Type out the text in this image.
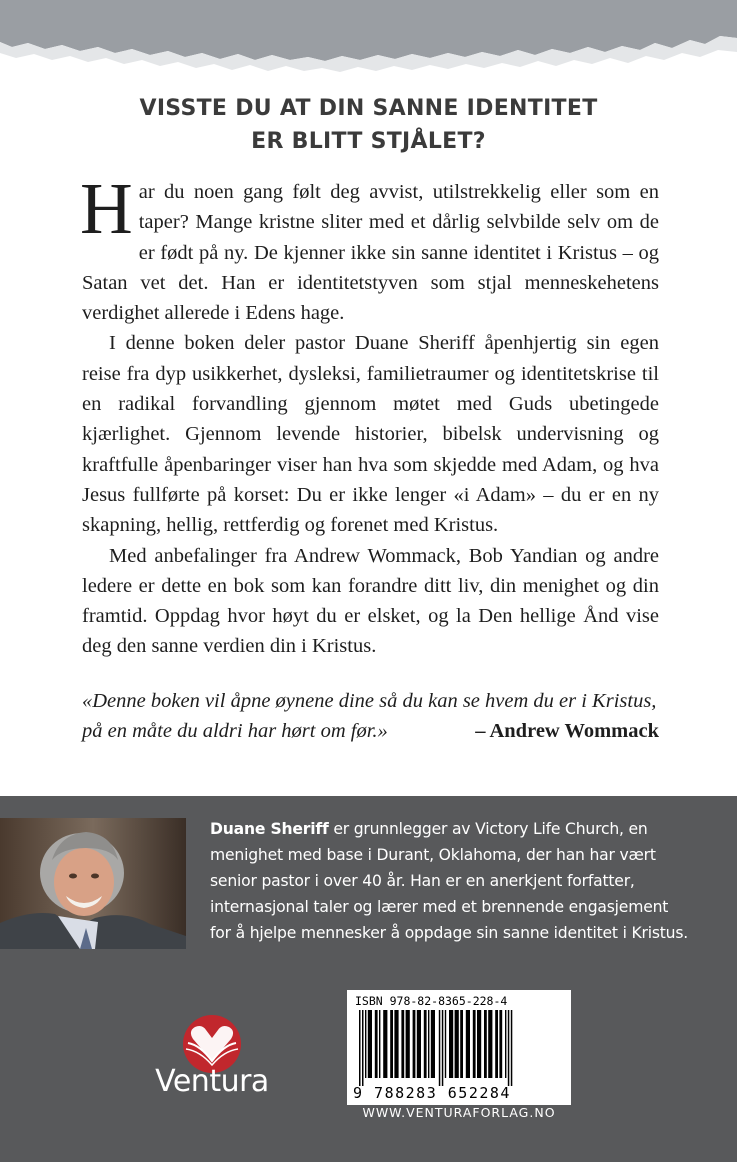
VISSTE DU AT DIN SANNE IDENTITET
ER BLITT STJÅLET?

Har du noen gang følt deg avvist, utilstrekkelig eller som en taper? Mange kristne sliter med et dårlig selvbilde selv om de er født på ny. De kjenner ikke sin sanne identitet i Kristus – og Satan vet det. Han er identitetstyven som stjal menneskehetens verdighet allerede i Edens hage.

I denne boken deler pastor Duane Sheriff åpenhjertig sin egen reise fra dyp usikkerhet, dysleksi, familietraumer og identitetskrise til en radikal forvandling gjennom møtet med Guds ubetingede kjærlighet. Gjennom levende historier, bibelsk undervisning og kraftfulle åpenbaringer viser han hva som skjedde med Adam, og hva Jesus fullførte på korset: Du er ikke lenger «i Adam» – du er en ny skapning, hellig, rettferdig og forenet med Kristus.

Med anbefalinger fra Andrew Wommack, Bob Yandian og andre ledere er dette en bok som kan forandre ditt liv, din menighet og din framtid. Oppdag hvor høyt du er elsket, og la Den hellige Ånd vise deg den sanne verdien din i Kristus.

«Denne boken vil åpne øynene dine så du kan se hvem du er i Kristus,
på en måte du aldri har hørt om før.»	– Andrew Wommack
Duane Sheriff er grunnlegger av Victory Life Church, en
menighet med base i Durant, Oklahoma, der han har vært
senior pastor i over 40 år. Han er en anerkjent forfatter,
internasjonal taler og lærer med et brennende engasjement
for å hjelpe mennesker å oppdage sin sanne identitet i Kristus.
Ventura
ISBN 978-82-8365-228-4
9 788283 652284
WWW.VENTURAFORLAG.NO
